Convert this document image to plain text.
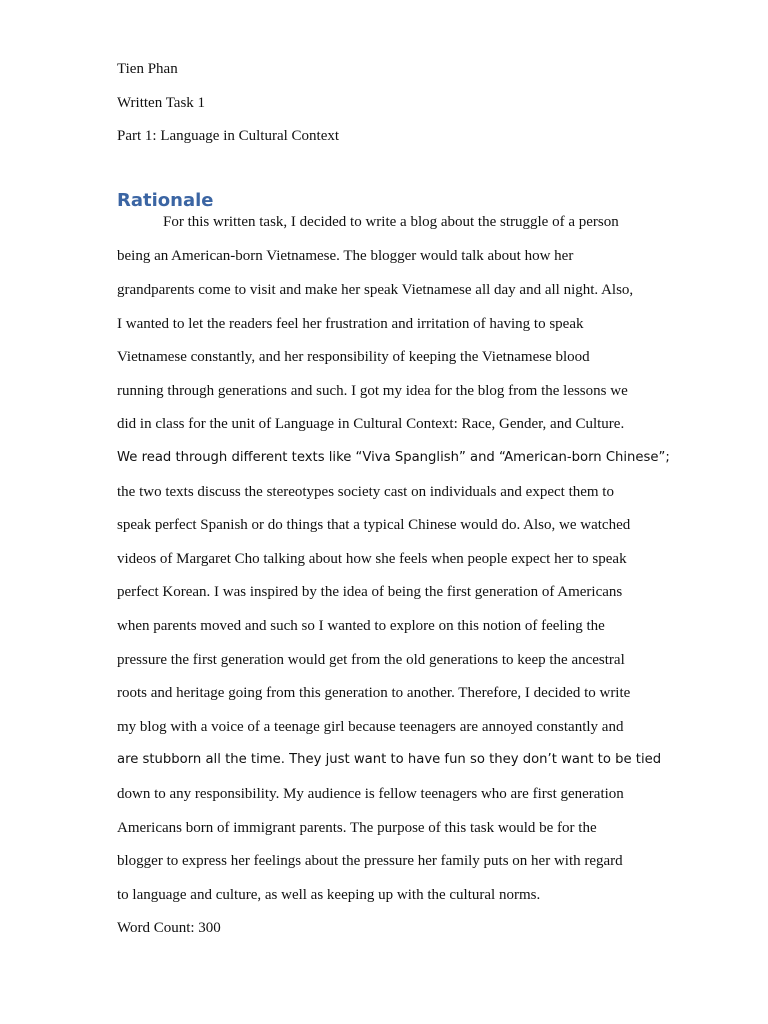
Tien Phan
Written Task 1
Part 1: Language in Cultural Context
Rationale
For this written task, I decided to write a blog about the struggle of a person
being an American-born Vietnamese. The blogger would talk about how her
grandparents come to visit and make her speak Vietnamese all day and all night. Also,
I wanted to let the readers feel her frustration and irritation of having to speak
Vietnamese constantly, and her responsibility of keeping the Vietnamese blood
running through generations and such. I got my idea for the blog from the lessons we
did in class for the unit of Language in Cultural Context: Race, Gender, and Culture.
We read through different texts like “Viva Spanglish” and “American-born Chinese”;
the two texts discuss the stereotypes society cast on individuals and expect them to
speak perfect Spanish or do things that a typical Chinese would do. Also, we watched
videos of Margaret Cho talking about how she feels when people expect her to speak
perfect Korean. I was inspired by the idea of being the first generation of Americans
when parents moved and such so I wanted to explore on this notion of feeling the
pressure the first generation would get from the old generations to keep the ancestral
roots and heritage going from this generation to another. Therefore, I decided to write
my blog with a voice of a teenage girl because teenagers are annoyed constantly and
are stubborn all the time. They just want to have fun so they don’t want to be tied
down to any responsibility. My audience is fellow teenagers who are first generation
Americans born of immigrant parents. The purpose of this task would be for the
blogger to express her feelings about the pressure her family puts on her with regard
to language and culture, as well as keeping up with the cultural norms.
Word Count: 300
